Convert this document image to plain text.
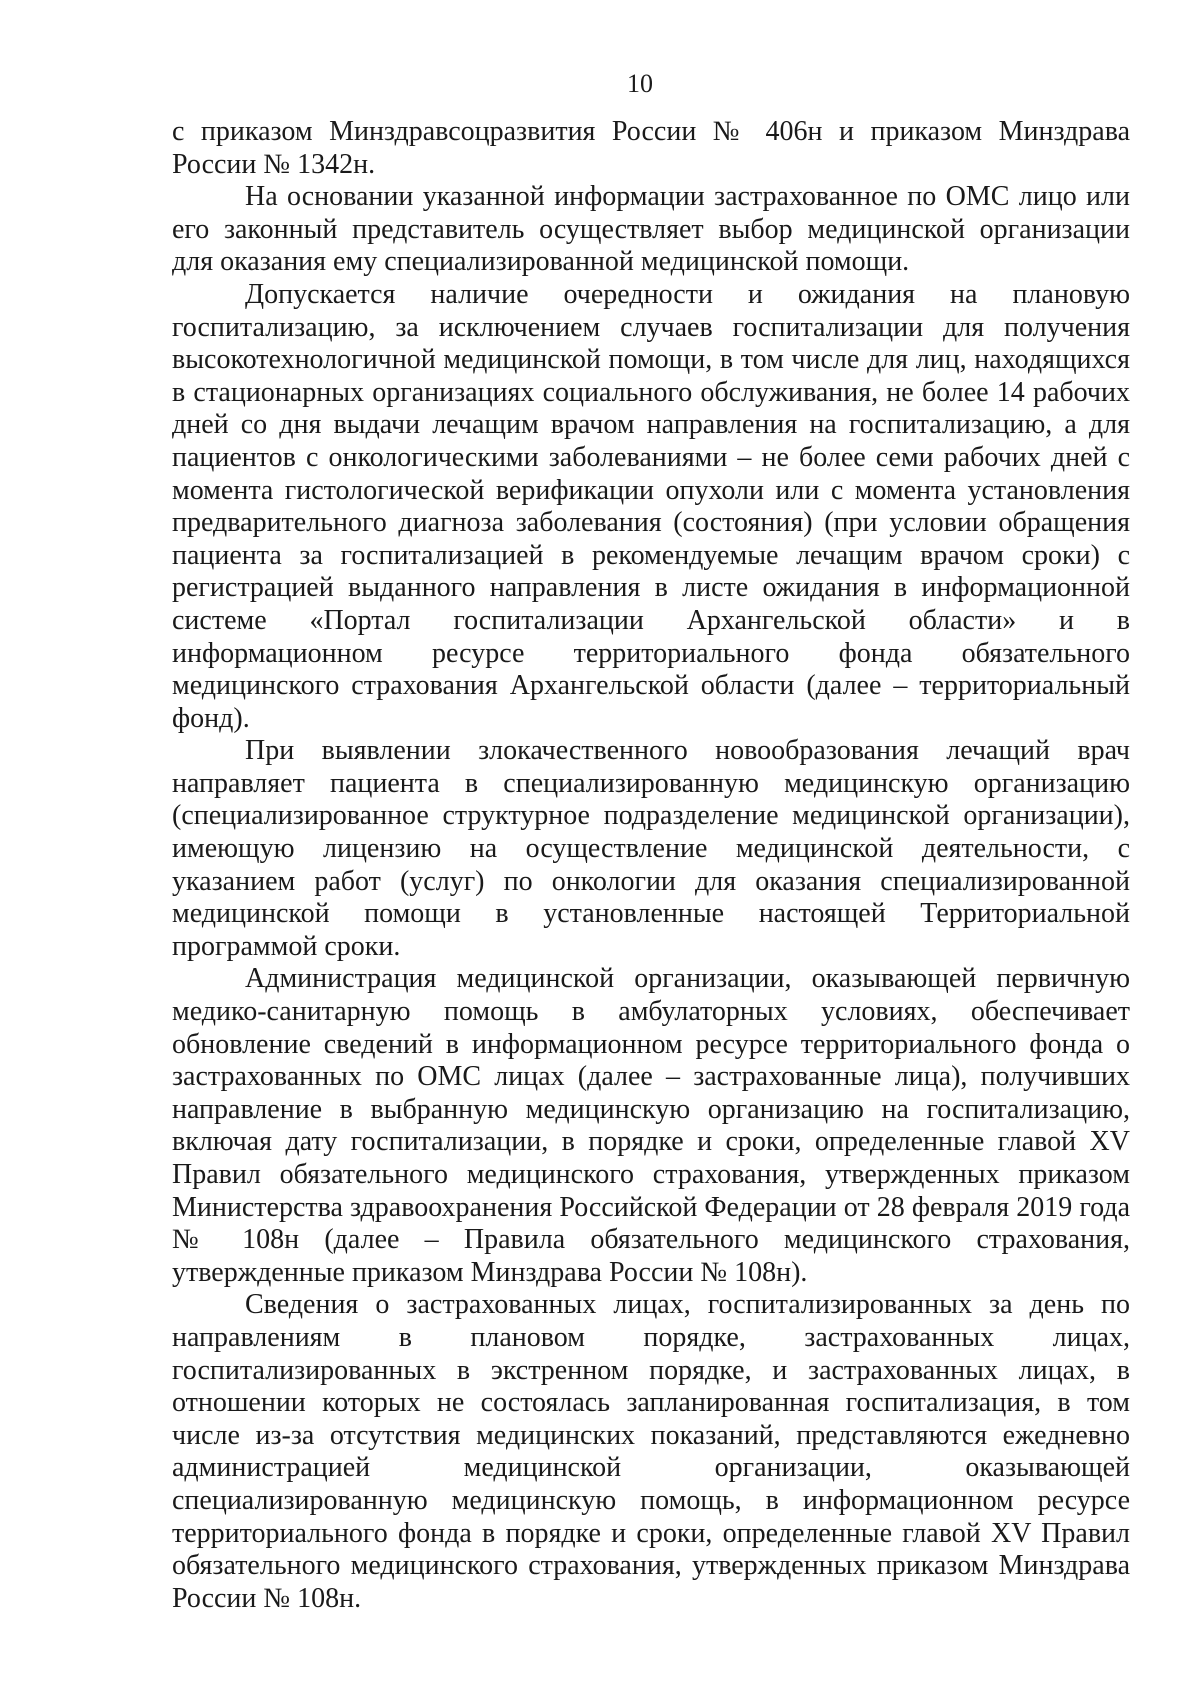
10

с приказом Минздравсоцразвития России № 406н и приказом Минздрава России № 1342н.

На основании указанной информации застрахованное по ОМС лицо или его законный представитель осуществляет выбор медицинской организации для оказания ему специализированной медицинской помощи.

Допускается наличие очередности и ожидания на плановую госпитализацию, за исключением случаев госпитализации для получения высокотехнологичной медицинской помощи, в том числе для лиц, находящихся в стационарных организациях социального обслуживания, не более 14 рабочих дней со дня выдачи лечащим врачом направления на госпитализацию, а для пациентов с онкологическими заболеваниями – не более семи рабочих дней с момента гистологической верификации опухоли или с момента установления предварительного диагноза заболевания (состояния) (при условии обращения пациента за госпитализацией в рекомендуемые лечащим врачом сроки) с регистрацией выданного направления в листе ожидания в информационной системе «Портал госпитализации Архангельской области» и в информационном ресурсе территориального фонда обязательного медицинского страхования Архангельской области (далее – территориальный фонд).

При выявлении злокачественного новообразования лечащий врач направляет пациента в специализированную медицинскую организацию (специализированное структурное подразделение медицинской организации), имеющую лицензию на осуществление медицинской деятельности, с указанием работ (услуг) по онкологии для оказания специализированной медицинской помощи в установленные настоящей Территориальной программой сроки.

Администрация медицинской организации, оказывающей первичную медико-санитарную помощь в амбулаторных условиях, обеспечивает обновление сведений в информационном ресурсе территориального фонда о застрахованных по ОМС лицах (далее – застрахованные лица), получивших направление в выбранную медицинскую организацию на госпитализацию, включая дату госпитализации, в порядке и сроки, определенные главой XV Правил обязательного медицинского страхования, утвержденных приказом Министерства здравоохранения Российской Федерации от 28 февраля 2019 года № 108н (далее – Правила обязательного медицинского страхования, утвержденные приказом Минздрава России № 108н).

Сведения о застрахованных лицах, госпитализированных за день по направлениям в плановом порядке, застрахованных лицах, госпитализированных в экстренном порядке, и застрахованных лицах, в отношении которых не состоялась запланированная госпитализация, в том числе из-за отсутствия медицинских показаний, представляются ежедневно администрацией медицинской организации, оказывающей специализированную медицинскую помощь, в информационном ресурсе территориального фонда в порядке и сроки, определенные главой XV Правил обязательного медицинского страхования, утвержденных приказом Минздрава России № 108н.
